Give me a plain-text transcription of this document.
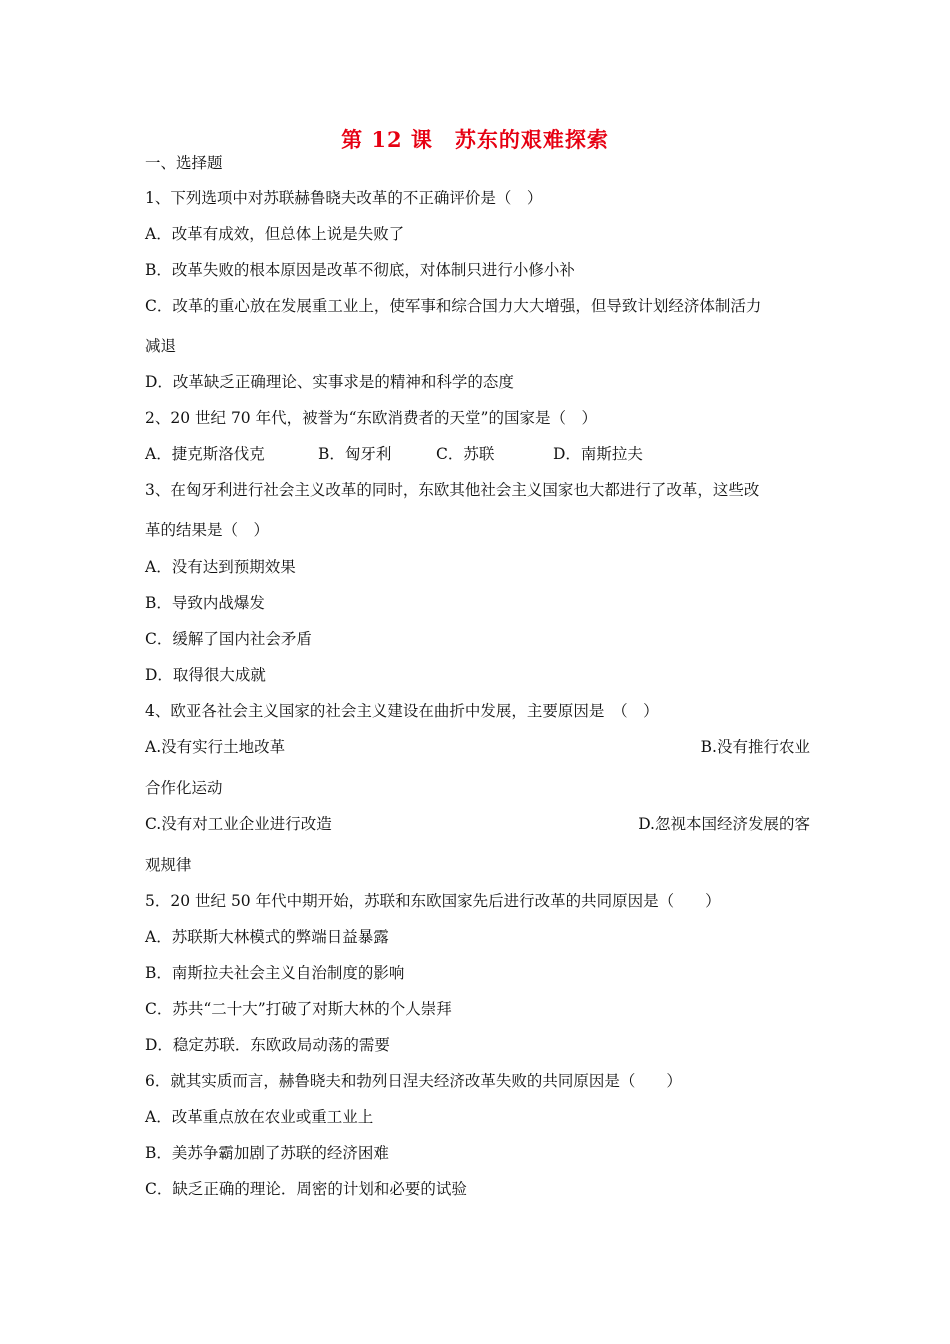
第 12 课　苏东的艰难探索
一、选择题
1、下列选项中对苏联赫鲁晓夫改革的不正确评价是（　）
A．改革有成效，但总体上说是失败了
B．改革失败的根本原因是改革不彻底，对体制只进行小修小补
C．改革的重心放在发展重工业上，使军事和综合国力大大增强，但导致计划经济体制活力
减退
D．改革缺乏正确理论、实事求是的精神和科学的态度
2、20 世纪 70 年代，被誉为“东欧消费者的天堂”的国家是（　）
A．捷克斯洛伐克	B．匈牙利	C．苏联	D．南斯拉夫
3、在匈牙利进行社会主义改革的同时，东欧其他社会主义国家也大都进行了改革，这些改
革的结果是（　）
A．没有达到预期效果
B．导致内战爆发
C．缓解了国内社会矛盾
D．取得很大成就
4、欧亚各社会主义国家的社会主义建设在曲折中发展，主要原因是　（　）
A.没有实行土地改革	B.没有推行农业
合作化运动
C.没有对工业企业进行改造	D.忽视本国经济发展的客
观规律
5．20 世纪 50 年代中期开始，苏联和东欧国家先后进行改革的共同原因是（　　）
A．苏联斯大林模式的弊端日益暴露
B．南斯拉夫社会主义自治制度的影响
C．苏共“二十大”打破了对斯大林的个人崇拜
D．稳定苏联．东欧政局动荡的需要
6．就其实质而言，赫鲁晓夫和勃列日涅夫经济改革失败的共同原因是（　　）
A．改革重点放在农业或重工业上
B．美苏争霸加剧了苏联的经济困难
C．缺乏正确的理论．周密的计划和必要的试验
